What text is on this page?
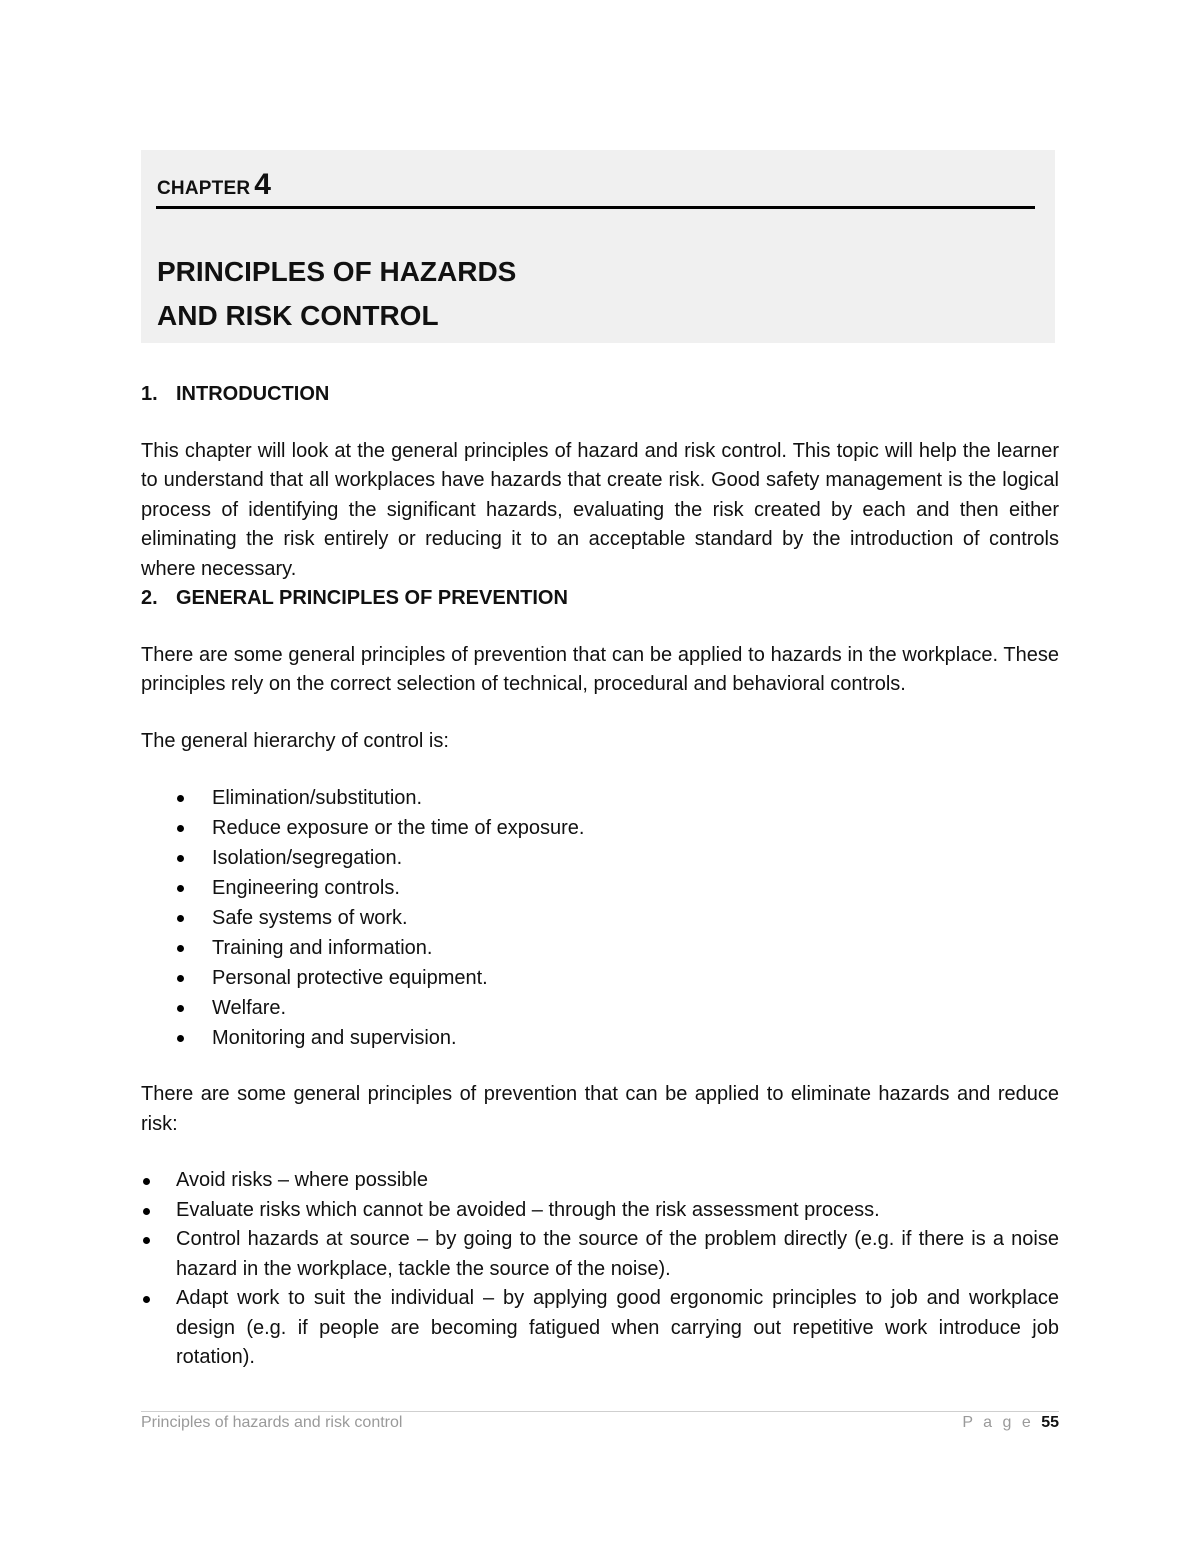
CHAPTER 4
PRINCIPLES OF HAZARDS
AND RISK CONTROL
1. INTRODUCTION

This chapter will look at the general principles of hazard and risk control. This topic will help the learner to understand that all workplaces have hazards that create risk. Good safety management is the logical process of identifying the significant hazards, evaluating the risk created by each and then either eliminating the risk entirely or reducing it to an acceptable standard by the introduction of controls where necessary.

2. GENERAL PRINCIPLES OF PREVENTION

There are some general principles of prevention that can be applied to hazards in the workplace. These principles rely on the correct selection of technical, procedural and behavioral controls.

The general hierarchy of control is:

Elimination/substitution.
Reduce exposure or the time of exposure.
Isolation/segregation.
Engineering controls.
Safe systems of work.
Training and information.
Personal protective equipment.
Welfare.
Monitoring and supervision.

There are some general principles of prevention that can be applied to eliminate hazards and reduce risk:

Avoid risks – where possible
Evaluate risks which cannot be avoided – through the risk assessment process.
Control hazards at source – by going to the source of the problem directly (e.g. if there is a noise hazard in the workplace, tackle the source of the noise).
Adapt work to suit the individual – by applying good ergonomic principles to job and workplace design (e.g. if people are becoming fatigued when carrying out repetitive work introduce job rotation).
Principles of hazards and risk control	P a g e 55
